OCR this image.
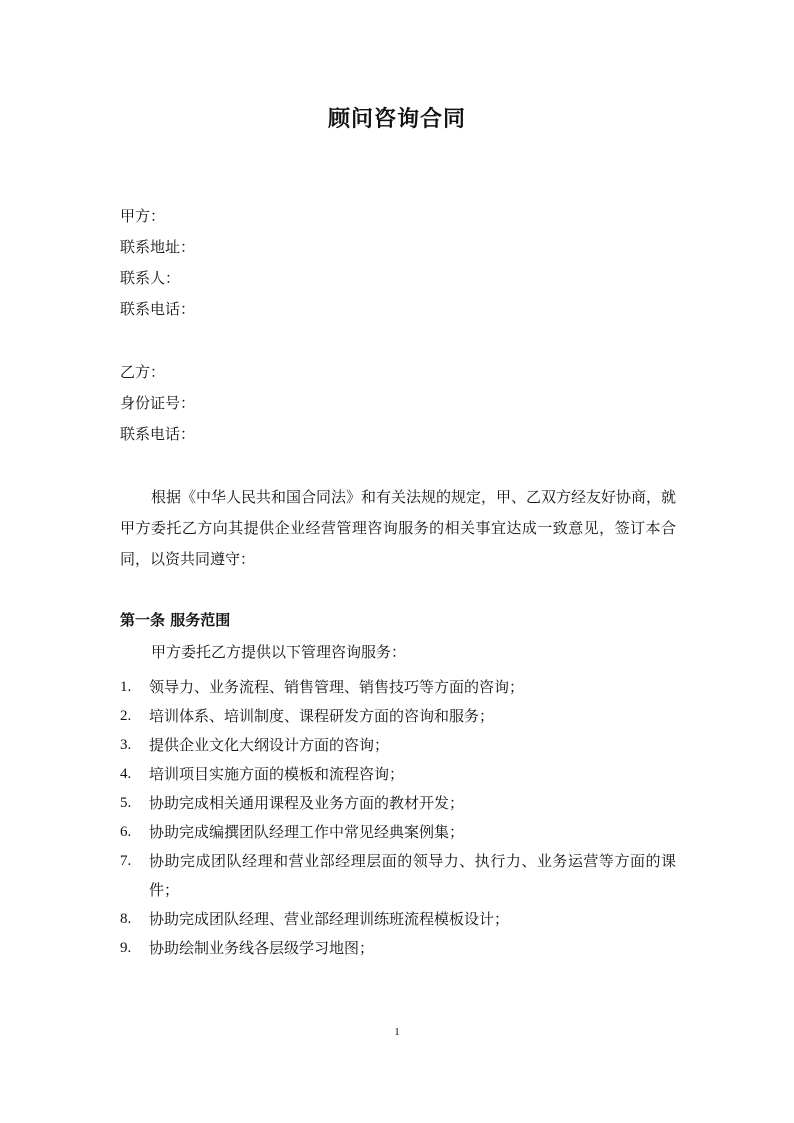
顾问咨询合同
甲方：
联系地址：
联系人：
联系电话：
乙方：
身份证号：
联系电话：
根据《中华人民共和国合同法》和有关法规的规定，甲、乙双方经友好协商，就甲方委托乙方向其提供企业经营管理咨询服务的相关事宜达成一致意见，签订本合同，以资共同遵守：
第一条 服务范围
甲方委托乙方提供以下管理咨询服务：
1.	领导力、业务流程、销售管理、销售技巧等方面的咨询；
2.	培训体系、培训制度、课程研发方面的咨询和服务；
3.	提供企业文化大纲设计方面的咨询；
4.	培训项目实施方面的模板和流程咨询；
5.	协助完成相关通用课程及业务方面的教材开发；
6.	协助完成编撰团队经理工作中常见经典案例集；
7.	协助完成团队经理和营业部经理层面的领导力、执行力、业务运营等方面的课件；
8.	协助完成团队经理、营业部经理训练班流程模板设计；
9.	协助绘制业务线各层级学习地图；
1
